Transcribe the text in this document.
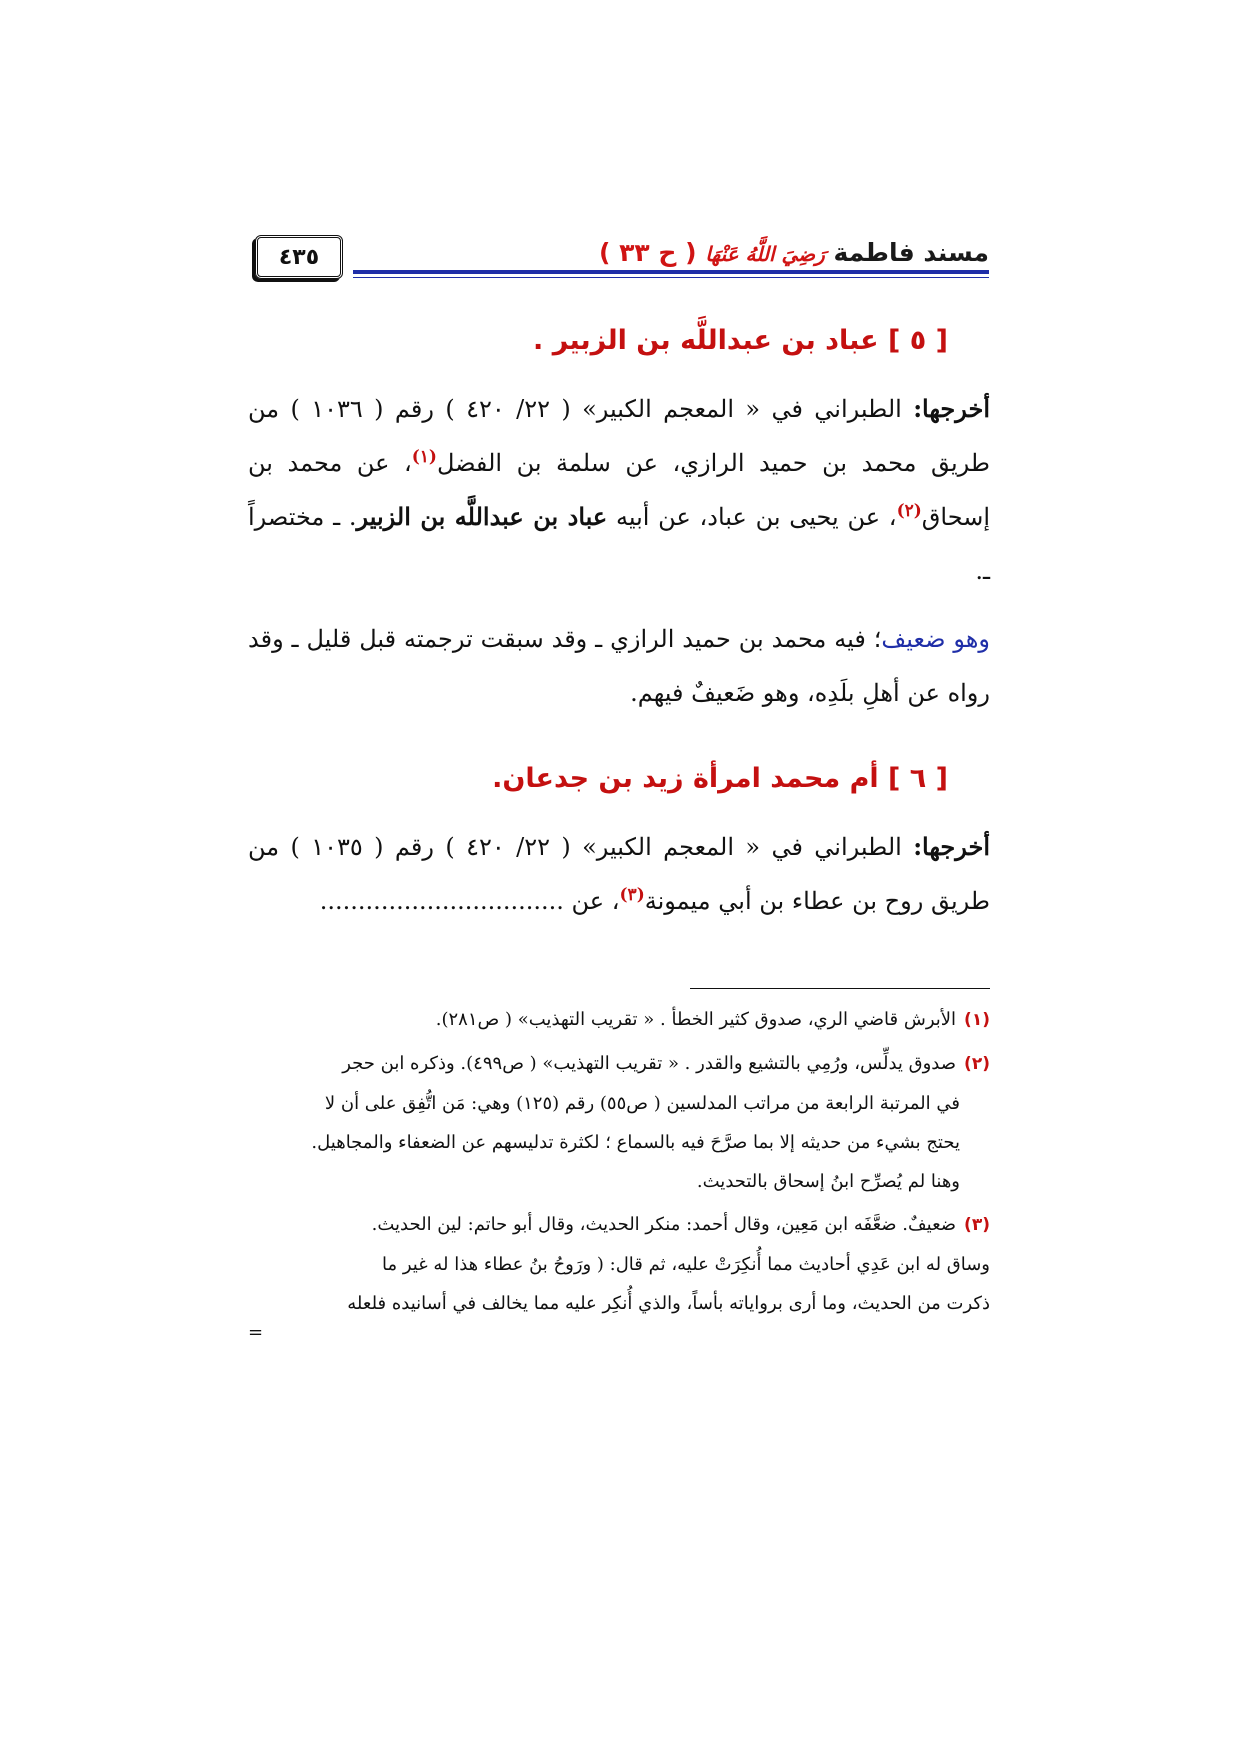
مسند فاطمة رَضِيَ اللَّهُ عَنْهَا ( ح ٣٣ )
٤٣٥
[ ٥ ] عباد بن عبداللَّه بن الزبير .

أخرجها: الطبراني في « المعجم الكبير» ( ٢٢/ ٤٢٠ ) رقم ( ١٠٣٦ ) من طريق محمد بن حميد الرازي، عن سلمة بن الفضل$^{(١)}$، عن محمد بن إسحاق$^{(٢)}$، عن يحيى بن عباد، عن أبيه عباد بن عبداللَّه بن الزبير. ـ مختصراً ـ.

وهو ضعيف؛ فيه محمد بن حميد الرازي ـ وقد سبقت ترجمته قبل قليل ـ وقد رواه عن أهلِ بلَدِه، وهو ضَعيفٌ فيهم.

[ ٦ ] أم محمد امرأة زيد بن جدعان.

أخرجها: الطبراني في « المعجم الكبير» ( ٢٢/ ٤٢٠ ) رقم ( ١٠٣٥ ) من طريق روح بن عطاء بن أبي ميمونة$^{(٣)}$، عن ................................

(١)الأبرش قاضي الري، صدوق كثير الخطأ . « تقريب التهذيب» ( ص٢٨١).
(٢)صدوق يدلِّس، ورُمِي بالتشيع والقدر . « تقريب التهذيب» ( ص٤٩٩). وذكره ابن حجر
في المرتبة الرابعة من مراتب المدلسين ( ص٥٥) رقم (١٢٥) وهي: مَن اتُّفِق على أن لا
يحتج بشيء من حديثه إلا بما صرَّحَ فيه بالسماع ؛ لكثرة تدليسهم عن الضعفاء والمجاهيل.
وهنا لم يُصرِّح ابنُ إسحاق بالتحديث.
(٣)ضعيفٌ. ضعَّفَه ابن مَعِين، وقال أحمد: منكر الحديث، وقال أبو حاتم: لين الحديث.
وساق له ابن عَدِي أحاديث مما أُنكِرَتْ عليه، ثم قال: ( ورَوحُ بنُ عطاء هذا له غير ما
ذكرت من الحديث، وما أرى برواياته بأساً، والذي أُنكِر عليه مما يخالف في أسانيده فلعله
=
